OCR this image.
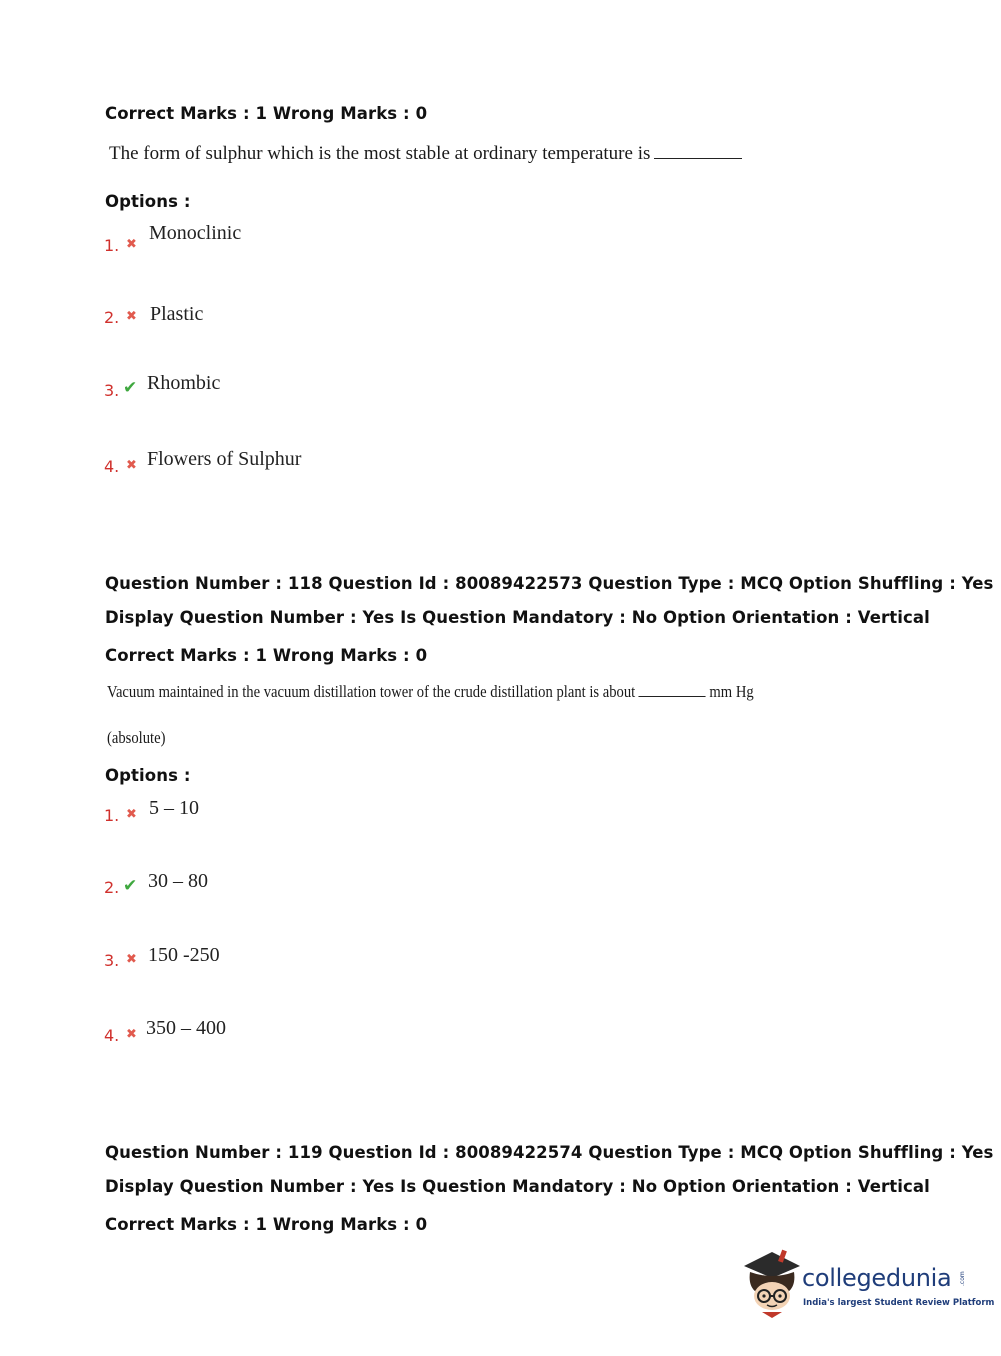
Correct Marks : 1 Wrong Marks : 0
The form of sulphur which is the most stable at ordinary temperature is
Options :
1. ✖
Monoclinic
2. ✖ Plastic
3. ✔ Rhombic
4. ✖ Flowers of Sulphur
Question Number : 118 Question Id : 80089422573 Question Type : MCQ Option Shuffling : Yes
Display Question Number : Yes Is Question Mandatory : No Option Orientation : Vertical
Correct Marks : 1 Wrong Marks : 0
Vacuum maintained in the vacuum distillation tower of the crude distillation plant is about	mm Hg
(absolute)
Options :
1. ✖ 5 – 10
2. ✔ 30 – 80
3. ✖ 150 -250
4. ✖ 350 – 400
Question Number : 119 Question Id : 80089422574 Question Type : MCQ Option Shuffling : Yes
Display Question Number : Yes Is Question Mandatory : No Option Orientation : Vertical
Correct Marks : 1 Wrong Marks : 0
collegedunia .com
India's largest Student Review Platform
